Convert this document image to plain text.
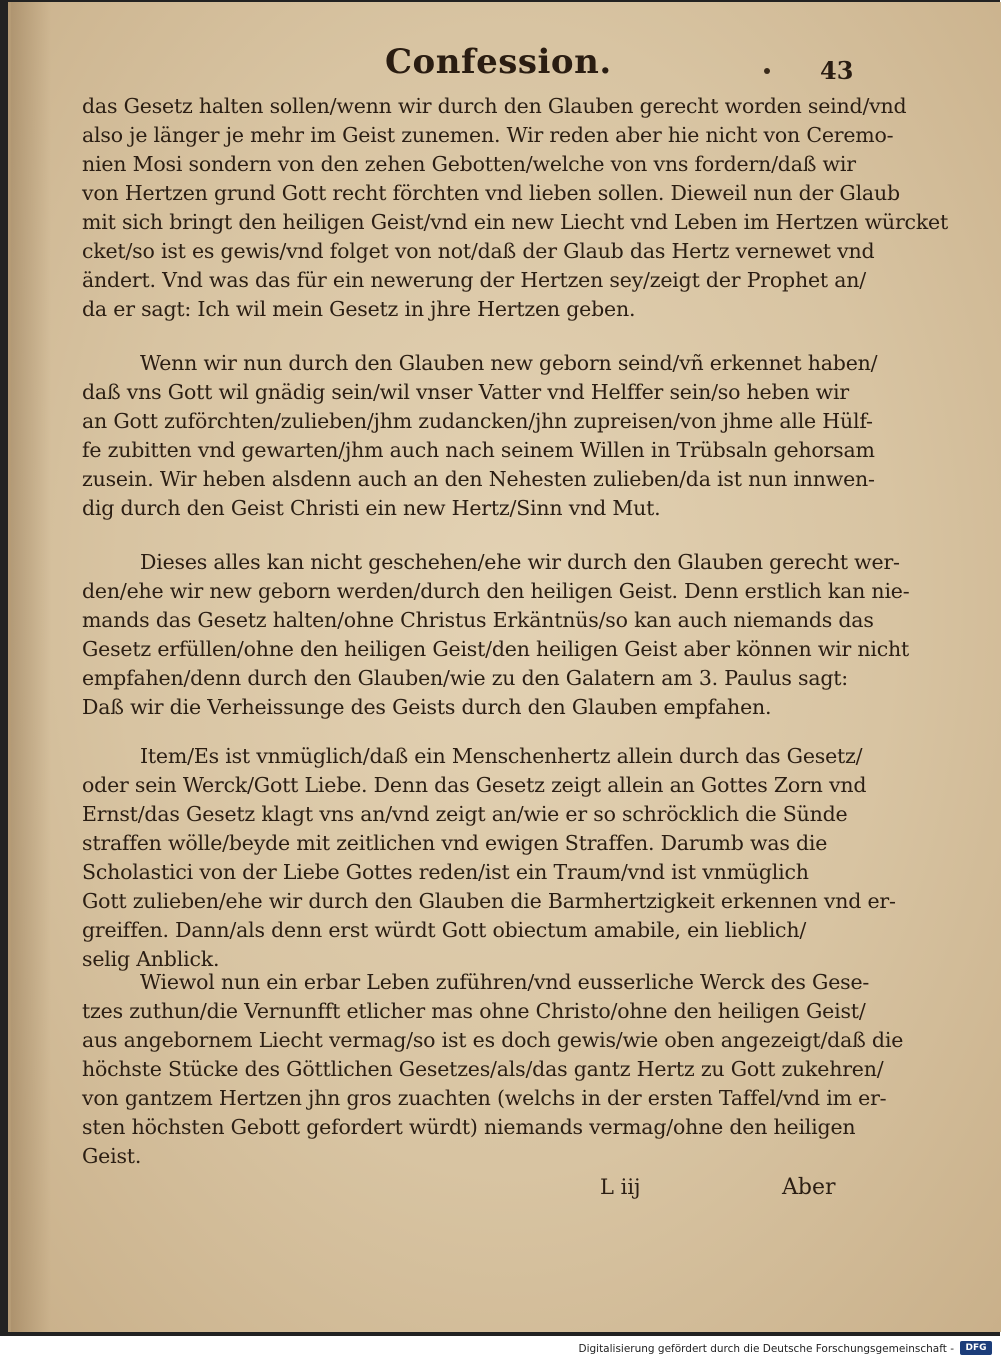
Confession.	43
das Gesetz halten sollen/wenn wir durch den Glauben gerecht worden seind/vnd
also je länger je mehr im Geist zunemen. Wir reden aber hie nicht von Ceremo-
nien Mosi sondern von den zehen Gebotten/welche von vns fordern/daß wir
von Hertzen grund Gott recht förchten vnd lieben sollen. Dieweil nun der Glaub
mit sich bringt den heiligen Geist/vnd ein new Liecht vnd Leben im Hertzen würcket
cket/so ist es gewis/vnd folget von not/daß der Glaub das Hertz vernewet vnd
ändert. Vnd was das für ein newerung der Hertzen sey/zeigt der Prophet an/
da er sagt: Ich wil mein Gesetz in jhre Hertzen geben.
Wenn wir nun durch den Glauben new geborn seind/vñ erkennet haben/
daß vns Gott wil gnädig sein/wil vnser Vatter vnd Helffer sein/so heben wir
an Gott zuförchten/zulieben/jhm zudancken/jhn zupreisen/von jhme alle Hülf-
fe zubitten vnd gewarten/jhm auch nach seinem Willen in Trübsaln gehorsam
zusein. Wir heben alsdenn auch an den Nehesten zulieben/da ist nun innwen-
dig durch den Geist Christi ein new Hertz/Sinn vnd Mut.
Dieses alles kan nicht geschehen/ehe wir durch den Glauben gerecht wer-
den/ehe wir new geborn werden/durch den heiligen Geist. Denn erstlich kan nie-
mands das Gesetz halten/ohne Christus Erkäntnüs/so kan auch niemands das
Gesetz erfüllen/ohne den heiligen Geist/den heiligen Geist aber können wir nicht
empfahen/denn durch den Glauben/wie zu den Galatern am 3. Paulus sagt:
Daß wir die Verheissunge des Geists durch den Glauben empfahen.
Item/Es ist vnmüglich/daß ein Menschenhertz allein durch das Gesetz/
oder sein Werck/Gott Liebe. Denn das Gesetz zeigt allein an Gottes Zorn vnd
Ernst/das Gesetz klagt vns an/vnd zeigt an/wie er so schröcklich die Sünde
straffen wölle/beyde mit zeitlichen vnd ewigen Straffen. Darumb was die
Scholastici von der Liebe Gottes reden/ist ein Traum/vnd ist vnmüglich
Gott zulieben/ehe wir durch den Glauben die Barmhertzigkeit erkennen vnd er-
greiffen. Dann/als denn erst würdt Gott obiectum amabile, ein lieblich/
selig Anblick.
Wiewol nun ein erbar Leben zuführen/vnd eusserliche Werck des Gese-
tzes zuthun/die Vernunfft etlicher mas ohne Christo/ohne den heiligen Geist/
aus angebornem Liecht vermag/so ist es doch gewis/wie oben angezeigt/daß die
höchste Stücke des Göttlichen Gesetzes/als/das gantz Hertz zu Gott zukehren/
von gantzem Hertzen jhn gros zuachten (welchs in der ersten Taffel/vnd im er-
sten höchsten Gebott gefordert würdt) niemands vermag/ohne den heiligen
Geist.
L iij	Aber
Digitalisierung gefördert durch die Deutsche Forschungsgemeinschaft -	DFG
